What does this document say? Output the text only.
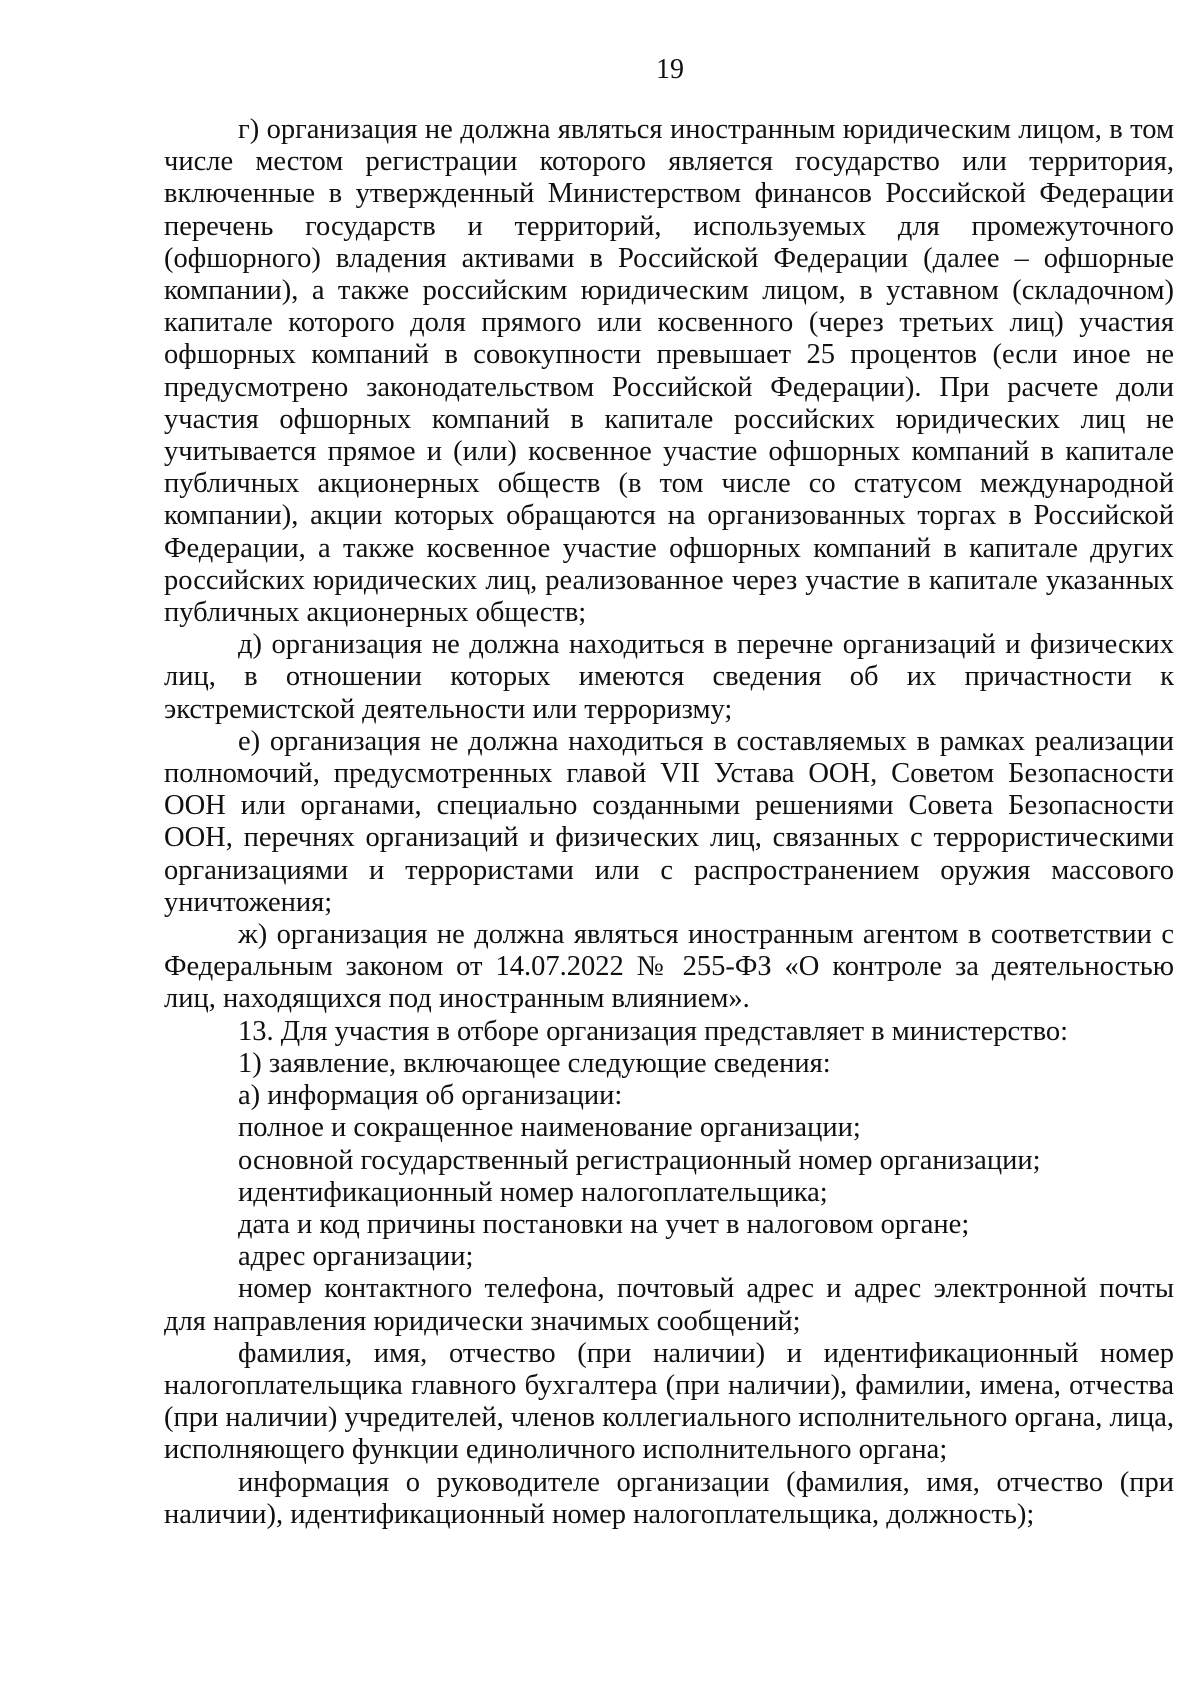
19

г) организация не должна являться иностранным юридическим лицом, в том числе местом регистрации которого является государство или территория, включенные в утвержденный Министерством финансов Российской Федерации перечень государств и территорий, используемых для промежуточного (офшорного) владения активами в Российской Федерации (далее – офшорные компании), а также российским юридическим лицом, в уставном (складочном) капитале которого доля прямого или косвенного (через третьих лиц) участия офшорных компаний в совокупности превышает 25 процентов (если иное не предусмотрено законодательством Российской Федерации). При расчете доли участия офшорных компаний в капитале российских юридических лиц не учитывается прямое и (или) косвенное участие офшорных компаний в капитале публичных акционерных обществ (в том числе со статусом международной компании), акции которых обращаются на организованных торгах в Российской Федерации, а также косвенное участие офшорных компаний в капитале других российских юридических лиц, реализованное через участие в капитале указанных публичных акционерных обществ;

д) организация не должна находиться в перечне организаций и физических лиц, в отношении которых имеются сведения об их причастности к экстремистской деятельности или терроризму;

е) организация не должна находиться в составляемых в рамках реализации полномочий, предусмотренных главой VII Устава ООН, Советом Безопасности ООН или органами, специально созданными решениями Совета Безопасности ООН, перечнях организаций и физических лиц, связанных с террористическими организациями и террористами или с распространением оружия массового уничтожения;

ж) организация не должна являться иностранным агентом в соответствии с Федеральным законом от 14.07.2022 № 255-ФЗ «О контроле за деятельностью лиц, находящихся под иностранным влиянием».

13. Для участия в отборе организация представляет в министерство:

1) заявление, включающее следующие сведения:

а) информация об организации:

полное и сокращенное наименование организации;

основной государственный регистрационный номер организации;

идентификационный номер налогоплательщика;

дата и код причины постановки на учет в налоговом органе;

адрес организации;

номер контактного телефона, почтовый адрес и адрес электронной почты для направления юридически значимых сообщений;

фамилия, имя, отчество (при наличии) и идентификационный номер налогоплательщика главного бухгалтера (при наличии), фамилии, имена, отчества (при наличии) учредителей, членов коллегиального исполнительного органа, лица, исполняющего функции единоличного исполнительного органа;

информация о руководителе организации (фамилия, имя, отчество (при наличии), идентификационный номер налогоплательщика, должность);
